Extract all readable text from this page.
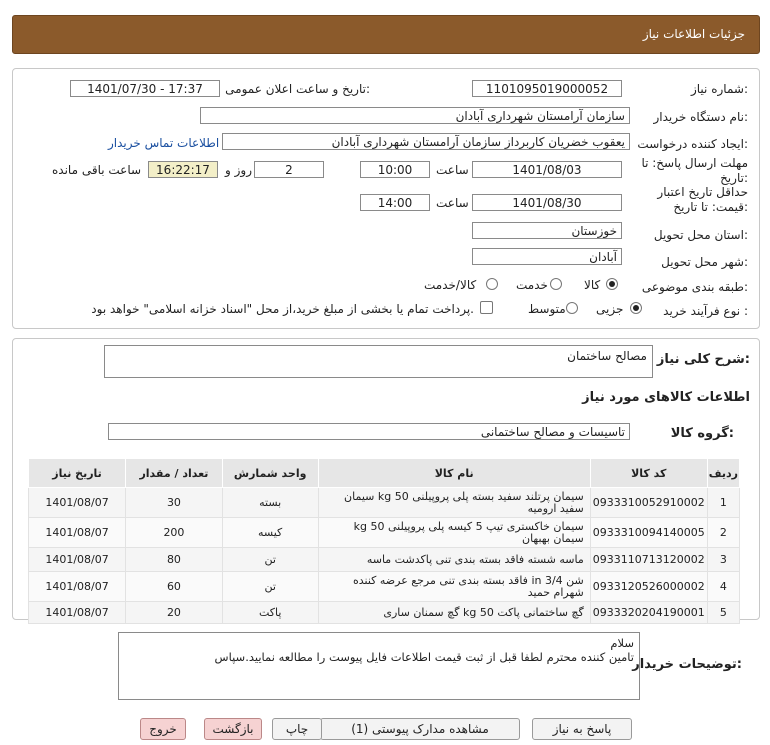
جزئیات اطلاعات نیاز
شماره نیاز:
1101095019000052
تاریخ و ساعت اعلان عمومی:
1401/07/30 - 17:37
نام دستگاه خریدار:
سازمان آرامستان شهرداری آبادان
ایجاد کننده درخواست:
یعقوب خضریان کاربرداز سازمان آرامستان شهرداری آبادان
اطلاعات تماس خریدار
مهلت ارسال پاسخ: تا تاریخ:
1401/08/03
ساعت
10:00
2
روز و
16:22:17
ساعت باقی مانده
حداقل تاریخ اعتبار قیمت: تا تاریخ:
1401/08/30
ساعت
14:00
استان محل تحویل:
خوزستان
شهر محل تحویل:
آبادان
طبقه بندی موضوعی:
کالا
خدمت
کالا/خدمت
نوع فرآیند خرید :
جزیی
متوسط
پرداخت تمام یا بخشی از مبلغ خرید،از محل "اسناد خزانه اسلامی" خواهد بود.
شرح کلی نیاز:
مصالح ساختمان
اطلاعات کالاهای مورد نیاز
گروه کالا:
تاسیسات و مصالح ساختمانی
تاریخ نیاز	تعداد / مقدار	واحد شمارش	نام کالا	کد کالا	ردیف
1401/08/07	30	بسته	سیمان پرتلند سفید بسته پلی پروپیلنی 50 kg سیمان سفید ارومیه	0933310052910002	1
1401/08/07	200	کیسه	سیمان خاکستری تیپ 5 کیسه پلی پروپیلنی 50 kg سیمان بهبهان	0933310094140005	2
1401/08/07	80	تن	ماسه شسته فاقد بسته بندی تنی پاکدشت ماسه	0933110713120002	3
1401/08/07	60	تن	شن 3/4 in فاقد بسته بندی تنی مرجع عرضه کننده شهرام حمید	0933120526000002	4
1401/08/07	20	پاکت	گچ ساختمانی پاکت 50 kg گچ سمنان ساری	0933320204190001	5
توضیحات خریدار:
سلام
تامین کننده محترم لطفا قبل از ثبت قیمت اطلاعات فایل پیوست را مطالعه نمایید.سپاس
پاسخ به نیاز
مشاهده مدارک پیوستی (1)
چاپ
بازگشت
خروج
